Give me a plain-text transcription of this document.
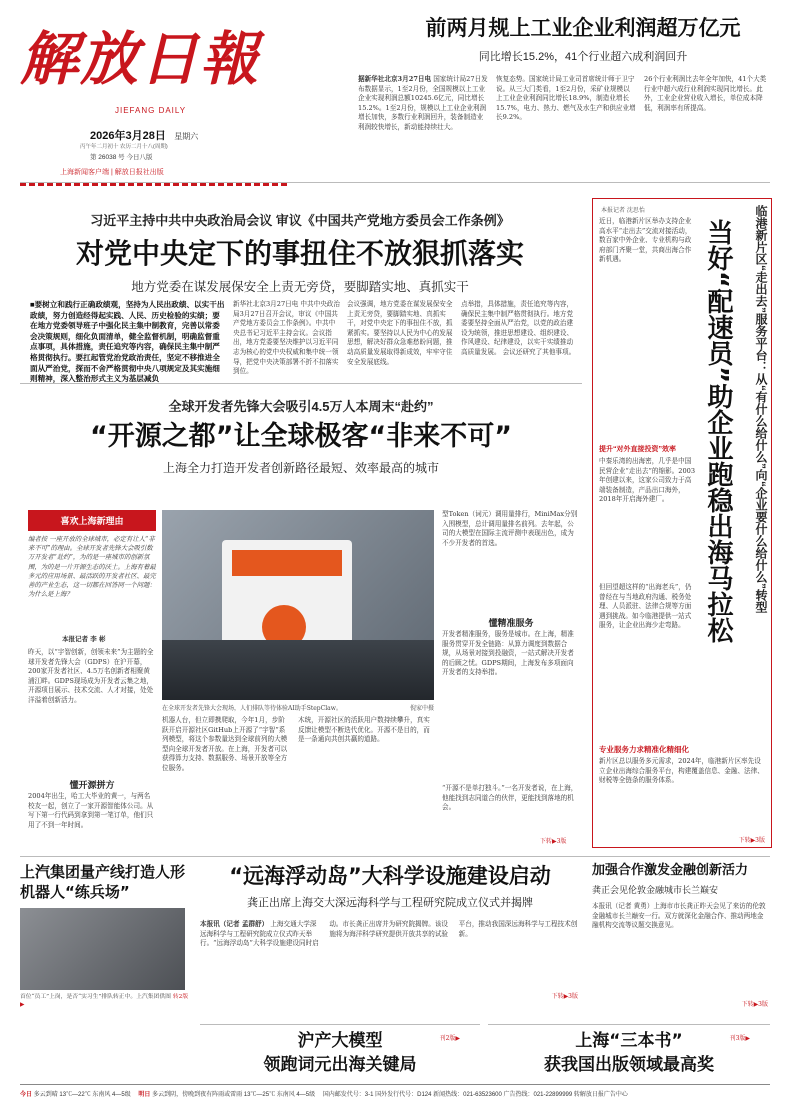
解放日報
JIEFANG DAILY
2026年3月28日 星期六
丙午年二月初十 农历二月十八(周期)
第 26038 号 今日八版
上海新闻客户端 | 解放日报社出版
前两月规上工业企业利润超万亿元
同比增长15.2%，41个行业超六成利润回升
据新华社北京3月27日电 国家统计局27日发布数据显示，1至2月份，全国规模以上工业企业实现利润总额10245.6亿元，同比增长15.2%。1至2月份，规模以上工业企业利润增长加快，多数行业利润回升，装备制造业利润较快增长，新动能持续壮大。
恢复态势。国家统计局工业司首席统计师于卫宁说。从三大门类看，1至2月份，采矿业规模以上工业企业利润同比增长18.9%，制造业增长15.7%，电力、热力、燃气及水生产和供应业增长9.2%。
26个行业利润比去年全年加快，41个大类行业中超六成行业利润实现同比增长。此外，工业企业营业收入增长，单位成本降低，利润率有所提高。
习近平主持中共中央政治局会议 审议《中国共产党地方委员会工作条例》
对党中央定下的事扭住不放狠抓落实
地方党委在谋发展保安全上责无旁贷，要脚踏实地、真抓实干
■要树立和践行正确政绩观，坚持为人民出政绩、以实干出政绩，努力创造经得起实践、人民、历史检验的实绩；要在地方党委领导班子中强化民主集中制教育，完善以常委会决策规则，细化负面清单，健全监督机制，明确监督重点事项，具体措施，责任追究等内容，确保民主集中制严格贯彻执行。要扛起管党治党政治责任，坚定不移推进全面从严治党，探而不舍严格贯彻中央八项规定及其实施细则精神，深入整治形式主义为基层减负
新华社北京3月27日电 中共中央政治局3月27日召开会议，审议《中国共产党地方委员会工作条例》。中共中央总书记习近平主持会议。会议指出，地方党委要坚决维护以习近平同志为核心的党中央权威和集中统一领导，把党中央决策部署不折不扣落实到位。
会议强调，地方党委在谋发展保安全上责无旁贷，要脚踏实地、真抓实干，对党中央定下的事扭住不放，抓紧抓实。要坚持以人民为中心的发展思想，解决好群众急难愁盼问题，推动高质量发展取得新成效，牢牢守住安全发展底线。
点举措，具体措施，责任追究等内容，确保民主集中制严格贯彻执行。地方党委要坚持全面从严治党，以党的政治建设为统领，推进思想建设、组织建设、作风建设、纪律建设，以实干实绩推动高质量发展。 会议还研究了其他事项。	临港新片区“走出去”服务平台：从“有什么给什么”向“企业要什么给什么”转型
当好“配速员”助企业跑稳出海马拉松
本报记者 沈思怡
近日，临港新片区举办支持企业高水平“走出去”交流对接活动，数百家中外企业、专业机构与政府部门齐聚一堂，共商出海合作新机遇。
提升“对外直接投资”效率
中秦乐湾的出海密，几乎是中国民营企业“走出去”的缩影。2003年创建以来，这家公司致力于高端装备制造，产品出口海外，2018年开启海外建厂。
但回望超这样的“出海老兵”，仍曾经在与当地政府沟通、税务处理、人员派驻、法律合规等方面遇到挑战。如今临港提供一站式服务，让企业出海少走弯路。
专业服务力求精准化精细化
新片区总以服务多元需求，2024年，临港新片区率先设立企业出海综合服务平台，构建覆盖信息、金融、法律、财税等全链条的服务体系。
下转▶3版
全球开发者先锋大会吸引4.5万人本周末“赴约”
“开源之都”让全球极客“非来不可”
上海全力打造开发者创新路径最短、效率最高的城市
喜欢上海新理由
编者按 一座开放的全球城市，必定有让人“非来不可”的理由。全球开发者先锋大会吸引数万开发者“赴约”，为的是一座城市的创新氛围，为的是一片开源生态的沃土。上海有着最多元的应用场景、最活跃的开发者社区、最完善的产业生态，这一切都在回答同一个问题：为什么是上海？
本报记者 李 彬
昨天，以“宇智创新，创领未来”为主题的全球开发者先锋大会（GDPS）在沪开幕，200家开发者社区、4.5万名创新者相聚黄浦江畔。GDPS现场成为开发者云集之地，开源项目展示、技术交流、人才对接，处处洋溢着创新活力。
懂开源拼方
2004年出生，哈工大毕业的黄一，与两名校友一起，创立了一家开源智能体公司。从写下第一行代码到拿到第一笔订单，他们只用了不到一年时间。
在全球开发者先锋大会现场，人们排队等待体验AI助手StepClaw。	倪家中摄
机器人台，但立即携爬取，今年1月，步阶跃开启开源社区GitHub上开源了“宇智”系列模型，将这个参数量达到全球前列的大模型向全球开发者开放。在上海，开发者可以获得算力支持、数据服务、场景开放等全方位服务。
木统，开源社区的活跃用户数持续攀升，真实反馈让模型不断迭代优化。开源不是目的，而是一条通向共创共赢的道路。
型Token（词元）调用量排行，MiniMax分别入围模型，总计调用量排名前列。去年起，公司的大模型在国际主流评测中表现出色，成为不少开发者的首选。
懂精准服务
开发者精准服务，服务是城市。在上海，精准服务贯穿开发全链路：从算力调度到数据合规，从场景对接到投融资，一站式解决开发者的后顾之忧。GDPS期间，上海发布多项面向开发者的支持举措。
“开源不是单打独斗。”一名开发者说，在上海，他能找到志同道合的伙伴，更能找到落地的机会。
下转▶3版
上汽集团量产线打造人形机器人“练兵场”
首位“员工”上岗，是否“实习生”排队转正中。上汽集团供图 转2版▶
“远海浮动岛”大科学设施建设启动
龚正出席上海交大深远海科学与工程研究院成立仪式并揭牌
本报讯（记者 孟群舒） 上海交通大学深远海科学与工程研究院成立仪式昨天举行。“远海浮动岛”大科学设施建设同时启动。市长龚正出席并为研究院揭牌。该设施将为海洋科学研究提供开放共享的试验平台，推动我国深远海科学与工程技术创新。
下转▶3版
加强合作激发金融创新活力
龚正会见伦敦金融城市长兰巅安
本报讯（记者 黄勇）上海市市长龚正昨天会见了来访的伦敦金融城市长兰巅安一行。双方就深化金融合作、推动两地金融机构交流等议题交换意见。
下转▶3版
沪产大模型
领跑词元出海关键局
刊2版▶	上海“三本书”
获我国出版领域最高奖
刊3版▶
今日 多云到晴 13℃—22℃ 东南风 4—5级 明日 多云到阴，傍晚到夜有阵雨或雷雨 13℃—25℃ 东南风 4—5级 国内邮发代号：3-1 国外发行代号：D124 新闻热线：021-63523600 广告热线：021-22899999 转解放日报广告中心
